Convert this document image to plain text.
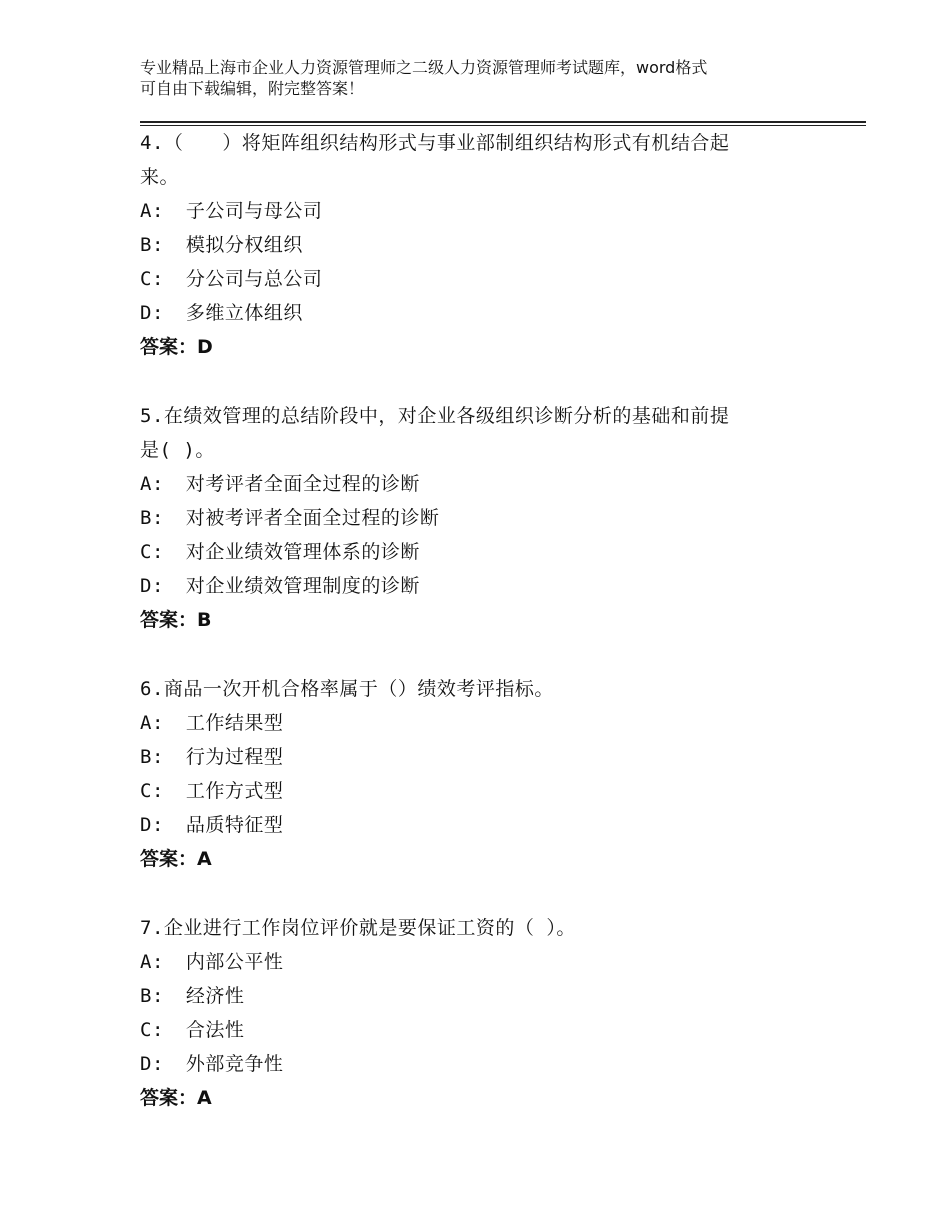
专业精品上海市企业人力资源管理师之二级人力资源管理师考试题库，word格式
可自由下载编辑，附完整答案！
4.（　　）将矩阵组织结构形式与事业部制组织结构形式有机结合起
来。
A: 子公司与母公司
B: 模拟分权组织
C: 分公司与总公司
D: 多维立体组织
答案：D
5.在绩效管理的总结阶段中，对企业各级组织诊断分析的基础和前提
是( )。
A: 对考评者全面全过程的诊断
B: 对被考评者全面全过程的诊断
C: 对企业绩效管理体系的诊断
D: 对企业绩效管理制度的诊断
答案：B
6.商品一次开机合格率属于（）绩效考评指标。
A: 工作结果型
B: 行为过程型
C: 工作方式型
D: 品质特征型
答案：A
7.企业进行工作岗位评价就是要保证工资的（ ）。
A: 内部公平性
B: 经济性
C: 合法性
D: 外部竞争性
答案：A
